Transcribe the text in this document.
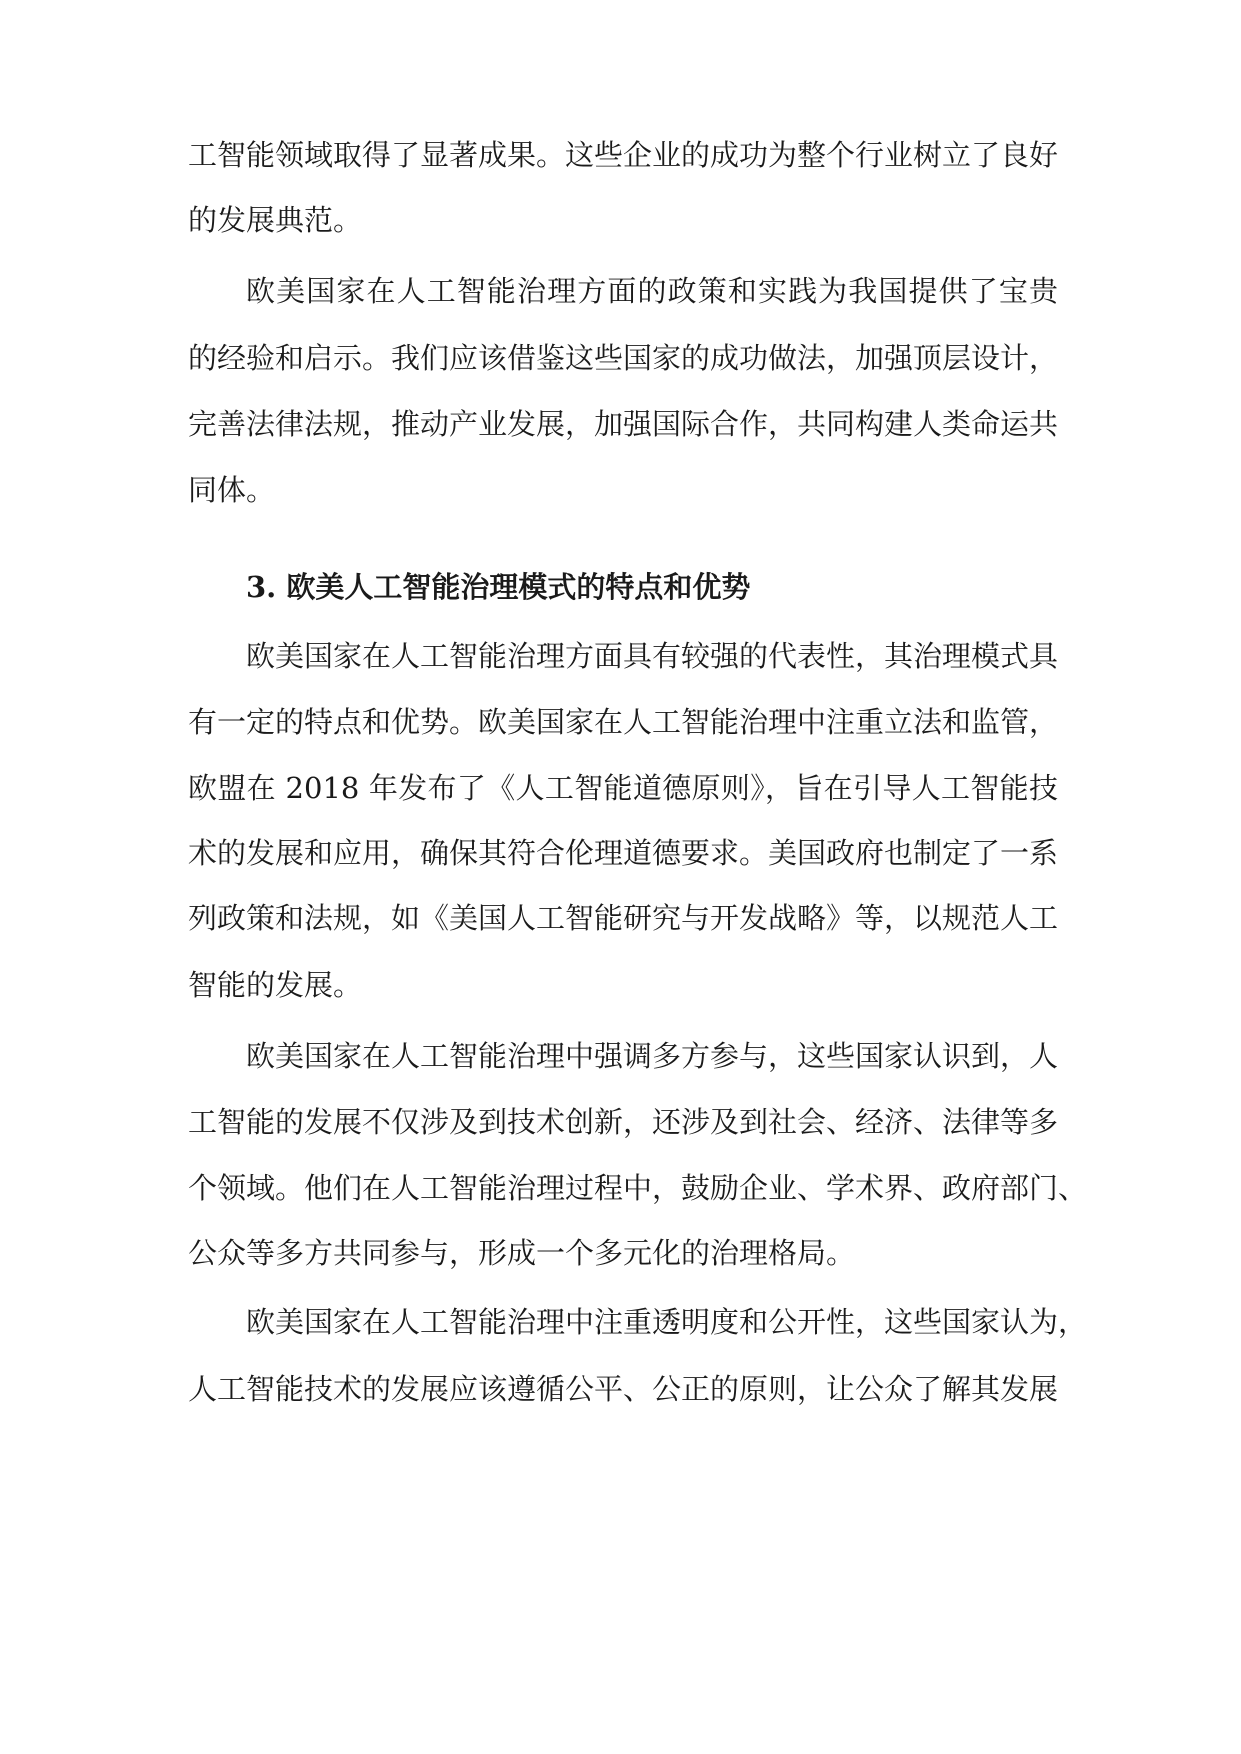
工智能领域取得了显著成果。这些企业的成功为整个行业树立了良好
的发展典范。
欧美国家在人工智能治理方面的政策和实践为我国提供了宝贵
的经验和启示。我们应该借鉴这些国家的成功做法，加强顶层设计，
完善法律法规，推动产业发展，加强国际合作，共同构建人类命运共
同体。
3. 欧美人工智能治理模式的特点和优势
欧美国家在人工智能治理方面具有较强的代表性，其治理模式具
有一定的特点和优势。欧美国家在人工智能治理中注重立法和监管，
欧盟在 2018 年发布了《人工智能道德原则》，旨在引导人工智能技
术的发展和应用，确保其符合伦理道德要求。美国政府也制定了一系
列政策和法规，如《美国人工智能研究与开发战略》等，以规范人工
智能的发展。
欧美国家在人工智能治理中强调多方参与，这些国家认识到，人
工智能的发展不仅涉及到技术创新，还涉及到社会、经济、法律等多
个领域。他们在人工智能治理过程中，鼓励企业、学术界、政府部门、
公众等多方共同参与，形成一个多元化的治理格局。
欧美国家在人工智能治理中注重透明度和公开性，这些国家认为，
人工智能技术的发展应该遵循公平、公正的原则，让公众了解其发展
